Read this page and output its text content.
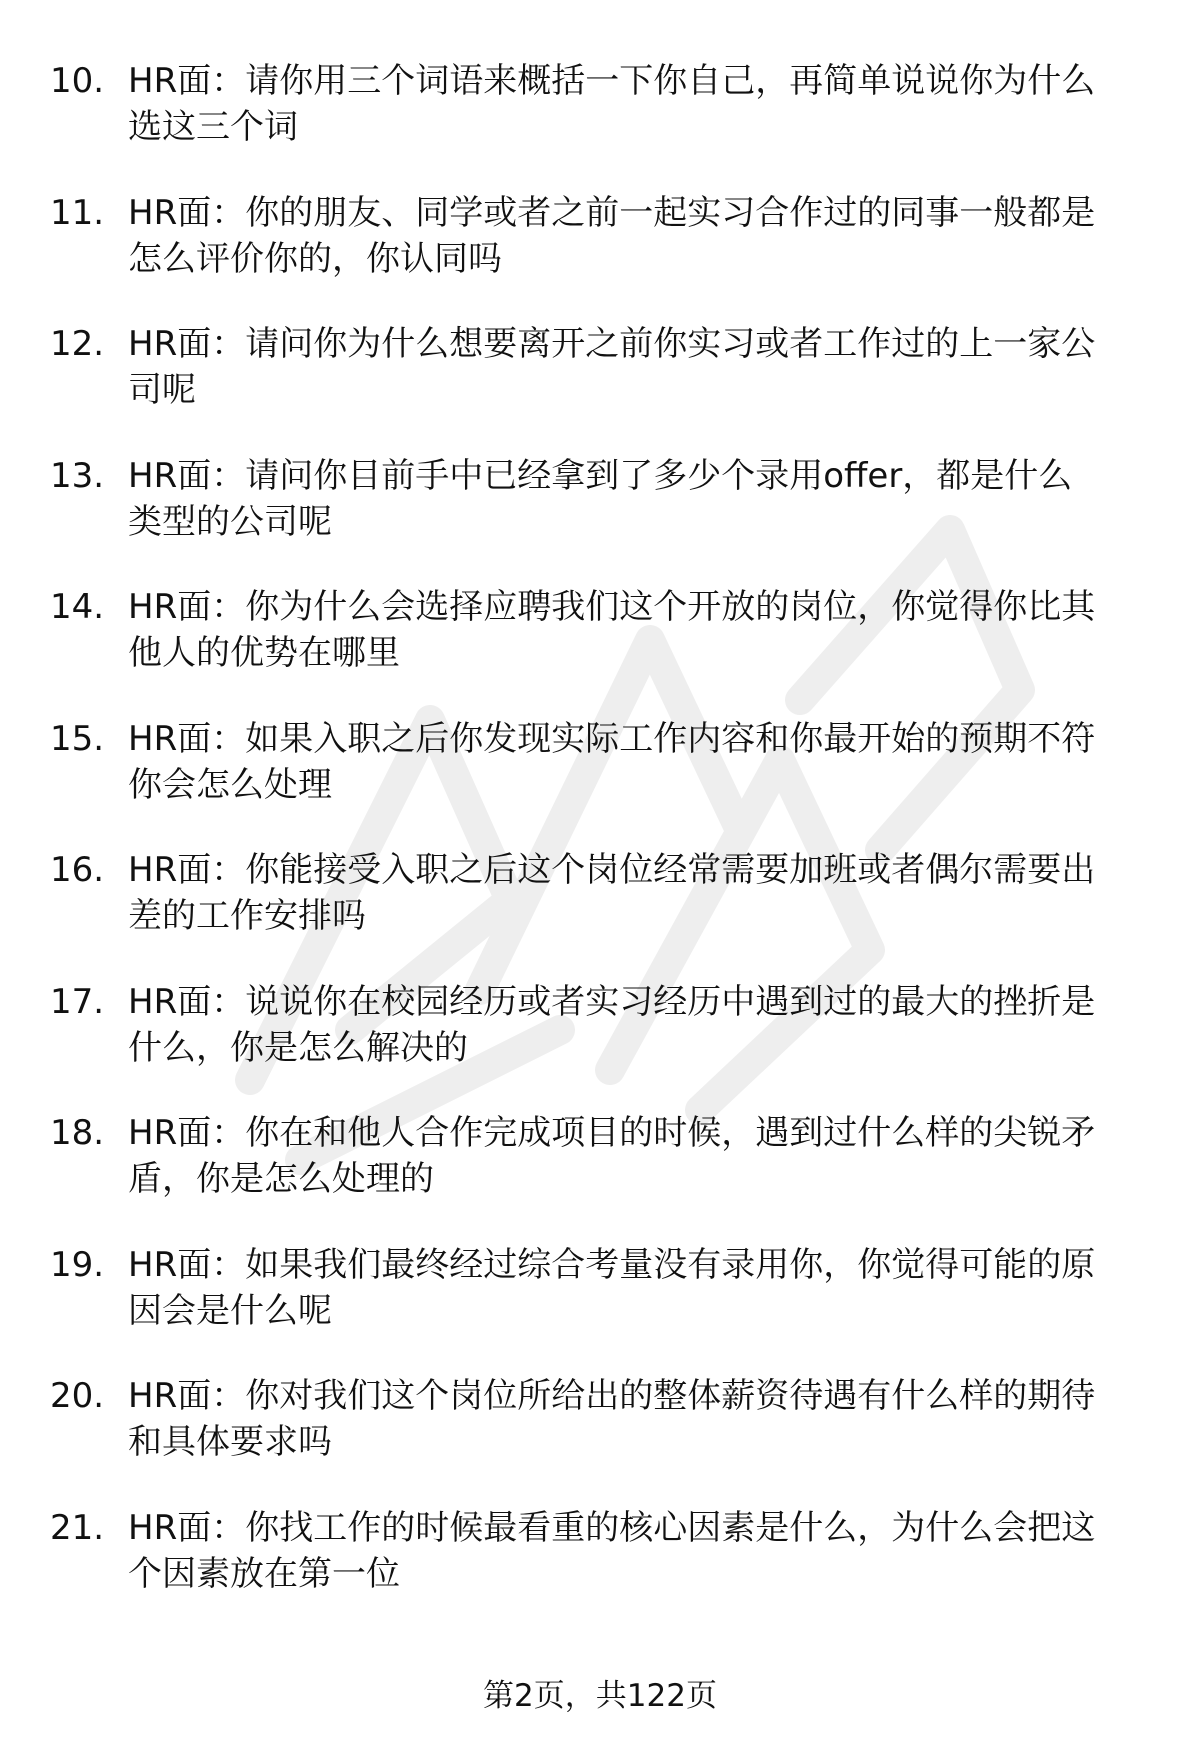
10. HR面：请你用三个词语来概括一下你自己，再简单说说你为什么
选这三个词
11. HR面：你的朋友、同学或者之前一起实习合作过的同事一般都是
怎么评价你的，你认同吗
12. HR面：请问你为什么想要离开之前你实习或者工作过的上一家公
司呢
13. HR面：请问你目前手中已经拿到了多少个录用offer，都是什么
类型的公司呢
14. HR面：你为什么会选择应聘我们这个开放的岗位，你觉得你比其
他人的优势在哪里
15. HR面：如果入职之后你发现实际工作内容和你最开始的预期不符
你会怎么处理
16. HR面：你能接受入职之后这个岗位经常需要加班或者偶尔需要出
差的工作安排吗
17. HR面：说说你在校园经历或者实习经历中遇到过的最大的挫折是
什么，你是怎么解决的
18. HR面：你在和他人合作完成项目的时候，遇到过什么样的尖锐矛
盾，你是怎么处理的
19. HR面：如果我们最终经过综合考量没有录用你，你觉得可能的原
因会是什么呢
20. HR面：你对我们这个岗位所给出的整体薪资待遇有什么样的期待
和具体要求吗
21. HR面：你找工作的时候最看重的核心因素是什么，为什么会把这
个因素放在第一位
第2页，共122页
